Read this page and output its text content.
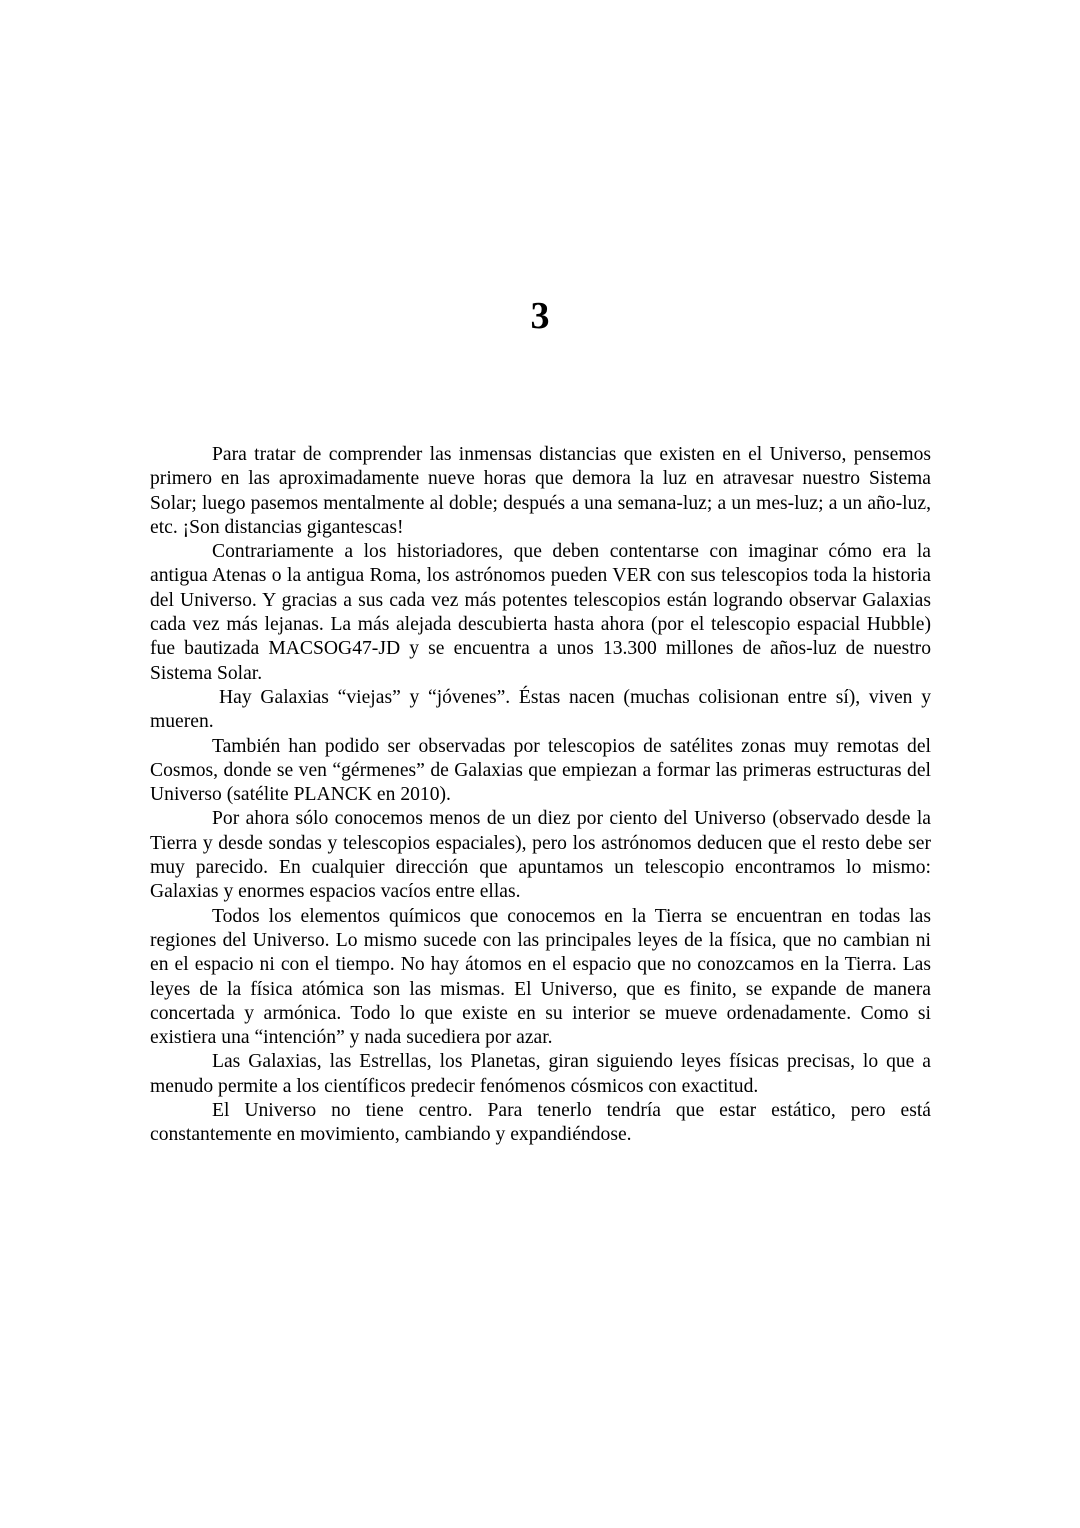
3

Para tratar de comprender las inmensas distancias que existen en el Universo, pensemos primero en las aproximadamente nueve horas que demora la luz en atravesar nuestro Sistema Solar; luego pasemos mentalmente al doble; después a una semana-luz; a un mes-luz; a un año-luz, etc. ¡Son distancias gigantescas!

Contrariamente a los historiadores, que deben contentarse con imaginar cómo era la antigua Atenas o la antigua Roma, los astrónomos pueden VER con sus telescopios toda la historia del Universo. Y gracias a sus cada vez más potentes telescopios están logrando observar Galaxias cada vez más lejanas. La más alejada descubierta hasta ahora (por el telescopio espacial Hubble) fue bautizada MACSOG47-JD y se encuentra a unos 13.300 millones de años-luz de nuestro Sistema Solar.

Hay Galaxias “viejas” y “jóvenes”. Éstas nacen (muchas colisionan entre sí), viven y mueren.

También han podido ser observadas por telescopios de satélites zonas muy remotas del Cosmos, donde se ven “gérmenes” de Galaxias que empiezan a formar las primeras estructuras del Universo (satélite PLANCK en 2010).

Por ahora sólo conocemos menos de un diez por ciento del Universo (observado desde la Tierra y desde sondas y telescopios espaciales), pero los astrónomos deducen que el resto debe ser muy parecido. En cualquier dirección que apuntamos un telescopio encontramos lo mismo: Galaxias y enormes espacios vacíos entre ellas.

Todos los elementos químicos que conocemos en la Tierra se encuentran en todas las regiones del Universo. Lo mismo sucede con las principales leyes de la física, que no cambian ni en el espacio ni con el tiempo. No hay átomos en el espacio que no conozcamos en la Tierra. Las leyes de la física atómica son las mismas. El Universo, que es finito, se expande de manera concertada y armónica. Todo lo que existe en su interior se mueve ordenadamente. Como si existiera una “intención” y nada sucediera por azar.

Las Galaxias, las Estrellas, los Planetas, giran siguiendo leyes físicas precisas, lo que a menudo permite a los científicos predecir fenómenos cósmicos con exactitud.

El Universo no tiene centro. Para tenerlo tendría que estar estático, pero está constantemente en movimiento, cambiando y expandiéndose.
